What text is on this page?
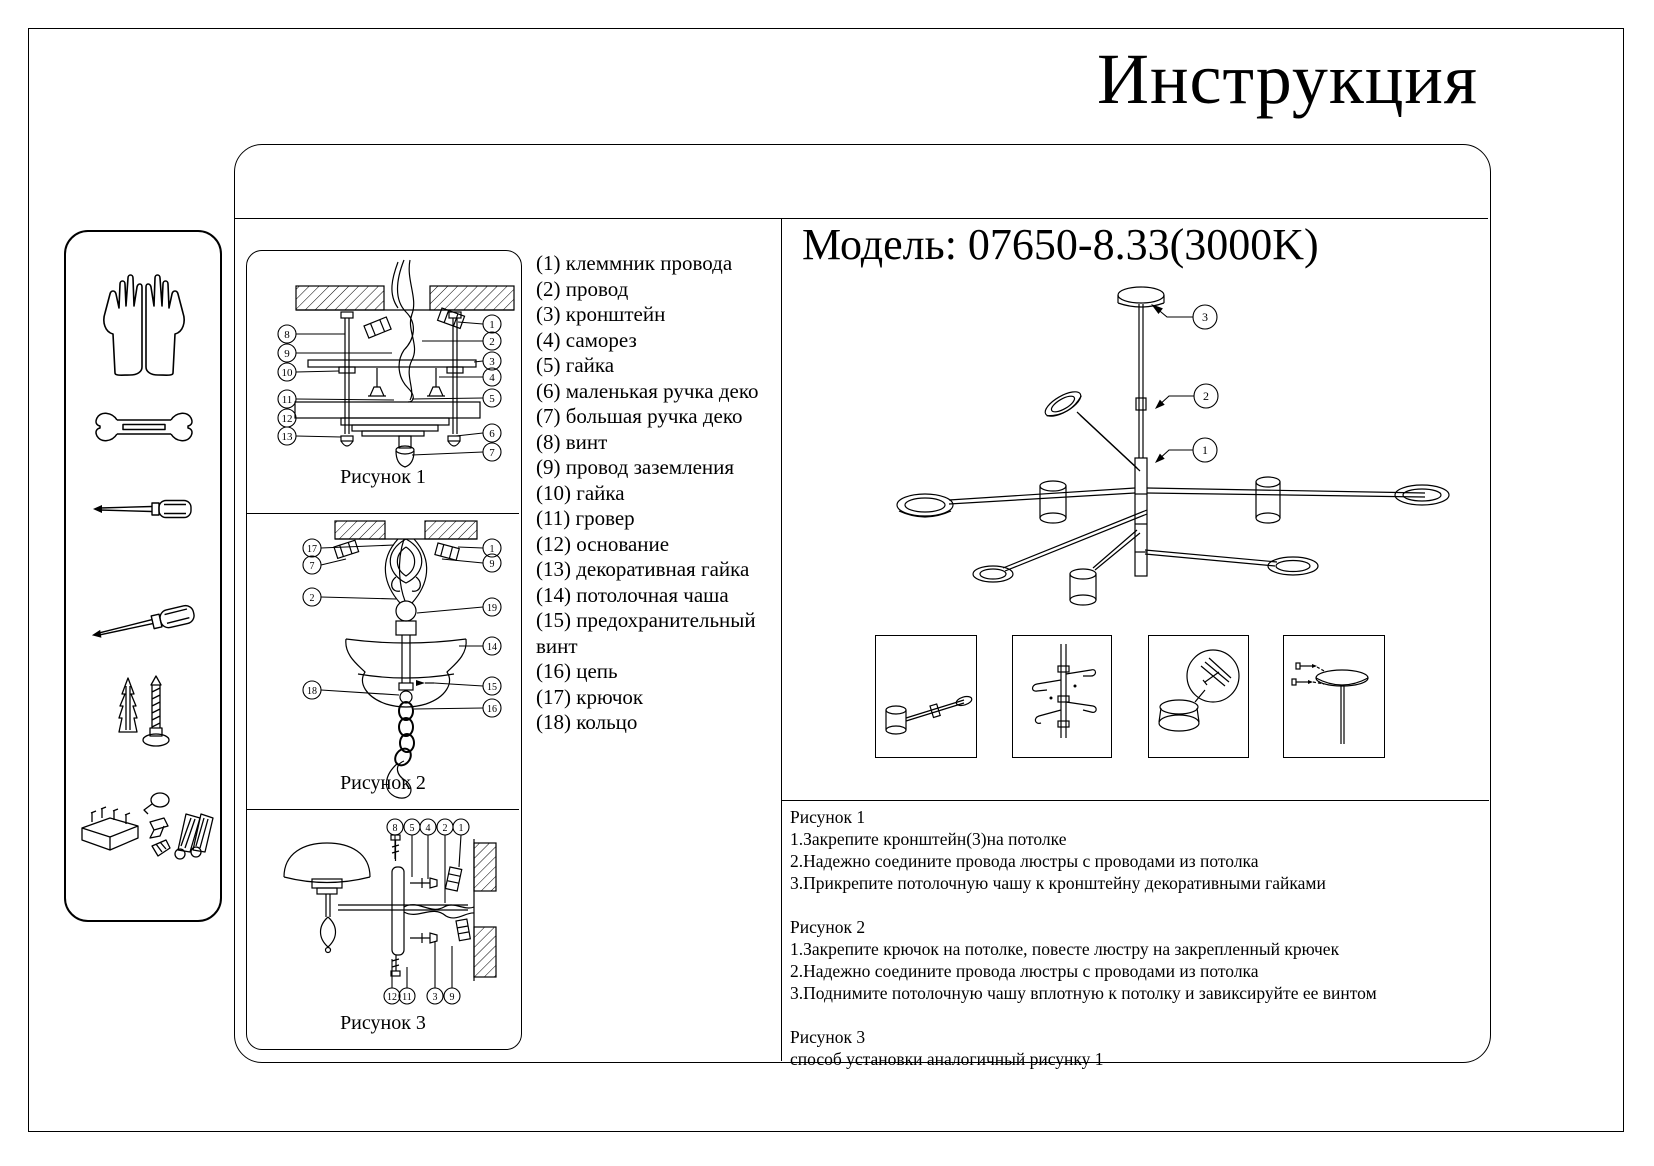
Инструкция
8
9
10
11
12
13
1
2
3
4
5
6
7
Рисунок 1
17
7
2
18
1
9
19
14
15
16
Рисунок 2
8 5 4 2 1
12 11 3 9
Рисунок 3
(1) клеммник провода
(2) провод
(3) кронштейн
(4) саморез
(5) гайка
(6) маленькая ручка деко
(7) большая ручка деко
(8) винт
(9) провод заземления
(10) гайка
(11) гровер
(12) основание
(13) декоративная гайка
(14) потолочная чаша
(15) предохранительный винт
(16) цепь
(17) крючок
(18) кольцо
Модель: 07650-8.33(3000K)
3
2
1
Рисунок 1
1.Закрепите кронштейн(3)на потолке
2.Надежно соедините провода люстры с проводами из потолка
3.Прикрепите потолочную чашу к кронштейну декоративными гайками
Рисунок 2
1.Закрепите крючок на потолке, повесте люстру на закрепленный крючек
2.Надежно соедините провода люстры с проводами из потолка
3.Поднимите потолочную чашу вплотную к потолку и завиксируйте ее винтом
Рисунок 3
способ установки аналогичный рисунку 1
